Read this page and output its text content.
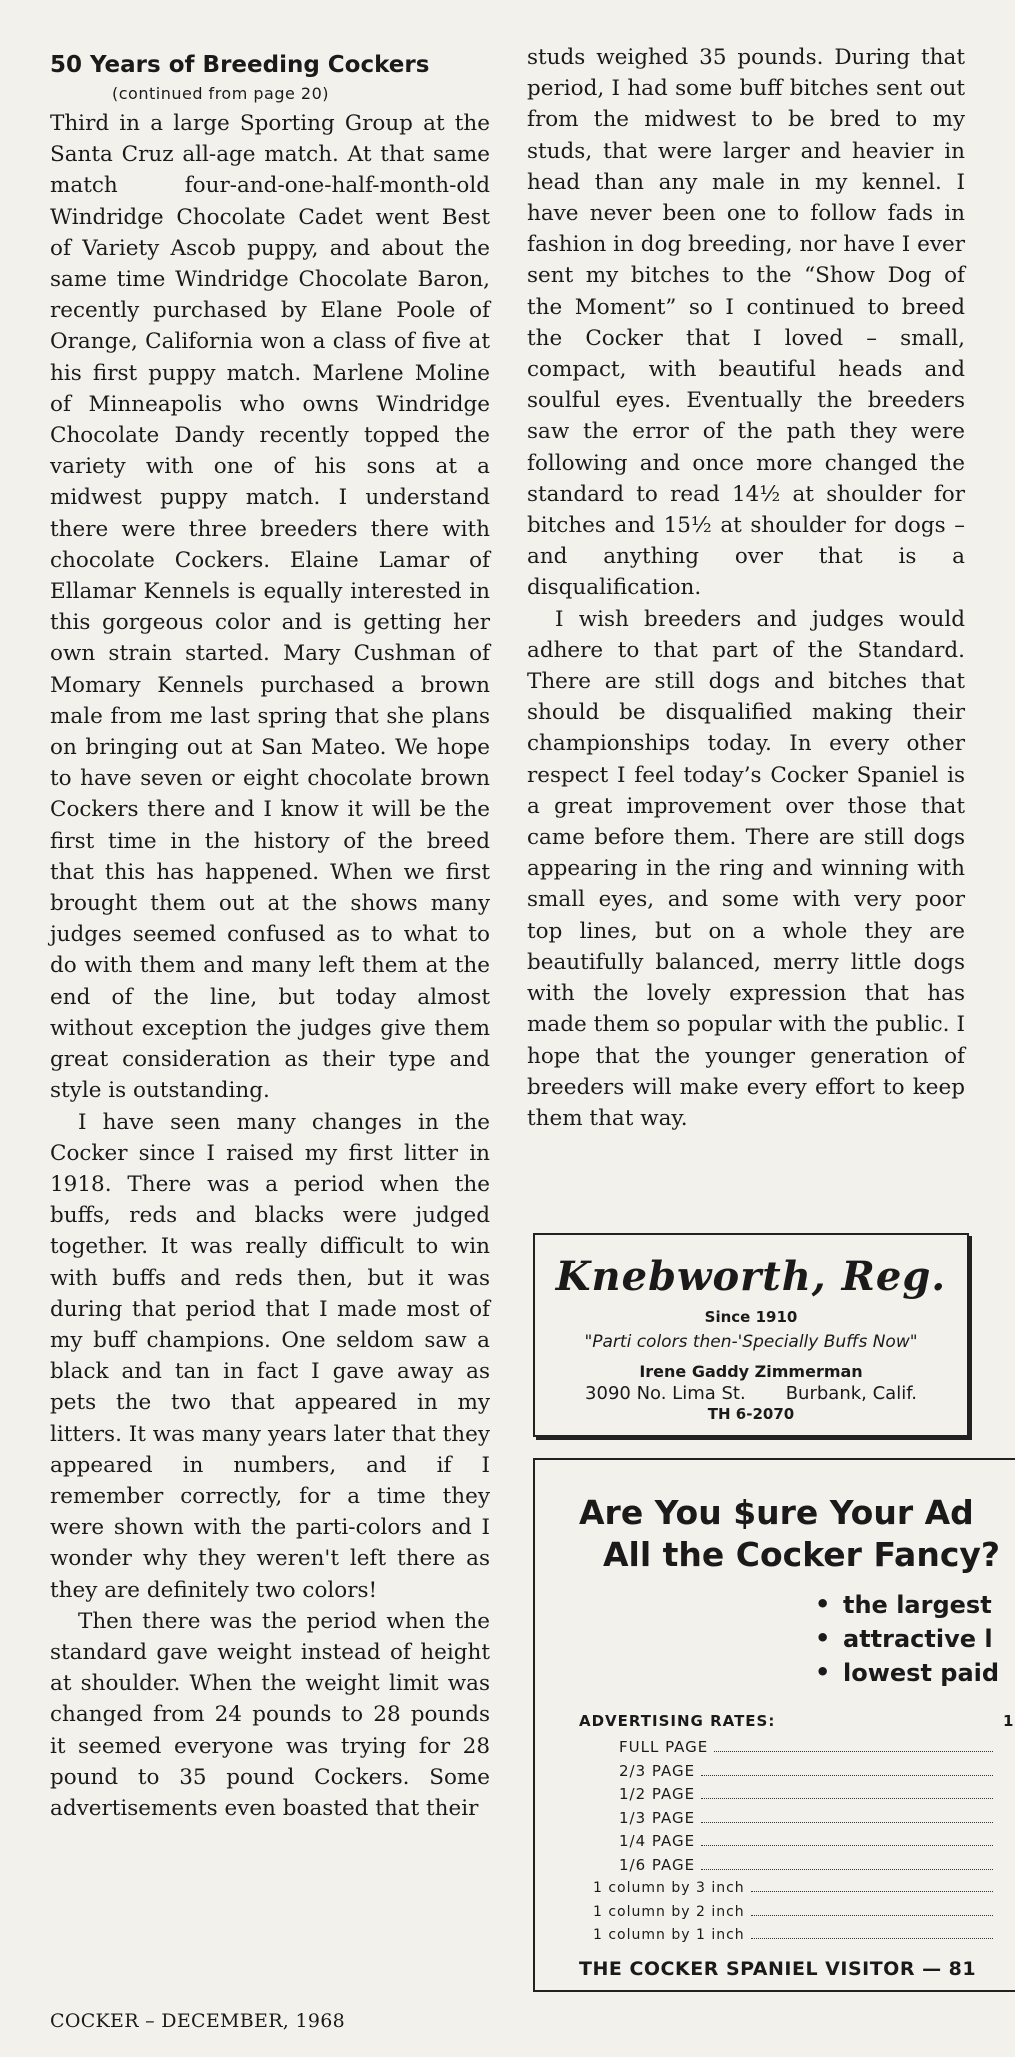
50 Years of Breeding Cockers
(continued from page 20)

Third in a large Sporting Group at the Santa Cruz all-age match. At that same match four-and-one-half-month-old Windridge Chocolate Cadet went Best of Variety Ascob puppy, and about the same time Windridge Chocolate Baron, recently purchased by Elane Poole of Orange, California won a class of five at his first puppy match. Marlene Moline of Minneapolis who owns Windridge Chocolate Dandy recently topped the variety with one of his sons at a midwest puppy match. I understand there were three breeders there with chocolate Cockers. Elaine Lamar of Ellamar Kennels is equally interested in this gorgeous color and is getting her own strain started. Mary Cushman of Momary Kennels purchased a brown male from me last spring that she plans on bringing out at San Mateo. We hope to have seven or eight chocolate brown Cockers there and I know it will be the first time in the history of the breed that this has happened. When we first brought them out at the shows many judges seemed confused as to what to do with them and many left them at the end of the line, but today almost without exception the judges give them great consideration as their type and style is outstanding.

I have seen many changes in the Cocker since I raised my first litter in 1918. There was a period when the buffs, reds and blacks were judged together. It was really difficult to win with buffs and reds then, but it was during that period that I made most of my buff champions. One seldom saw a black and tan in fact I gave away as pets the two that appeared in my litters. It was many years later that they appeared in numbers, and if I remember correctly, for a time they were shown with the parti-colors and I wonder why they weren't left there as they are definitely two colors!

Then there was the period when the standard gave weight instead of height at shoulder. When the weight limit was changed from 24 pounds to 28 pounds it seemed everyone was trying for 28 pound to 35 pound Cockers. Some advertisements even boasted that their

studs weighed 35 pounds. During that period, I had some buff bitches sent out from the midwest to be bred to my studs, that were larger and heavier in head than any male in my kennel. I have never been one to follow fads in fashion in dog breeding, nor have I ever sent my bitches to the “Show Dog of the Moment” so I continued to breed the Cocker that I loved – small, compact, with beautiful heads and soulful eyes. Eventually the breeders saw the error of the path they were following and once more changed the standard to read 14½ at shoulder for bitches and 15½ at shoulder for dogs – and anything over that is a disqualification.

I wish breeders and judges would adhere to that part of the Standard. There are still dogs and bitches that should be disqualified making their championships today. In every other respect I feel today’s Cocker Spaniel is a great improvement over those that came before them. There are still dogs appearing in the ring and winning with small eyes, and some with very poor top lines, but on a whole they are beautifully balanced, merry little dogs with the lovely expression that has made them so popular with the public. I hope that the younger generation of breeders will make every effort to keep them that way.

Knebworth, Reg.
Since 1910
"Parti colors then-'Specially Buffs Now"
Irene Gaddy Zimmerman
3090 No. Lima St. Burbank, Calif.
TH 6-2070
Are You $ure Your Ad
All the Cocker Fancy?
• the largest
• attractive l
• lowest paid
ADVERTISING RATES:	1
FULL PAGE
2/3 PAGE
1/2 PAGE
1/3 PAGE
1/4 PAGE
1/6 PAGE
1 column by 3 inch
1 column by 2 inch
1 column by 1 inch
THE COCKER SPANIEL VISITOR — 81
COCKER – DECEMBER, 1968
